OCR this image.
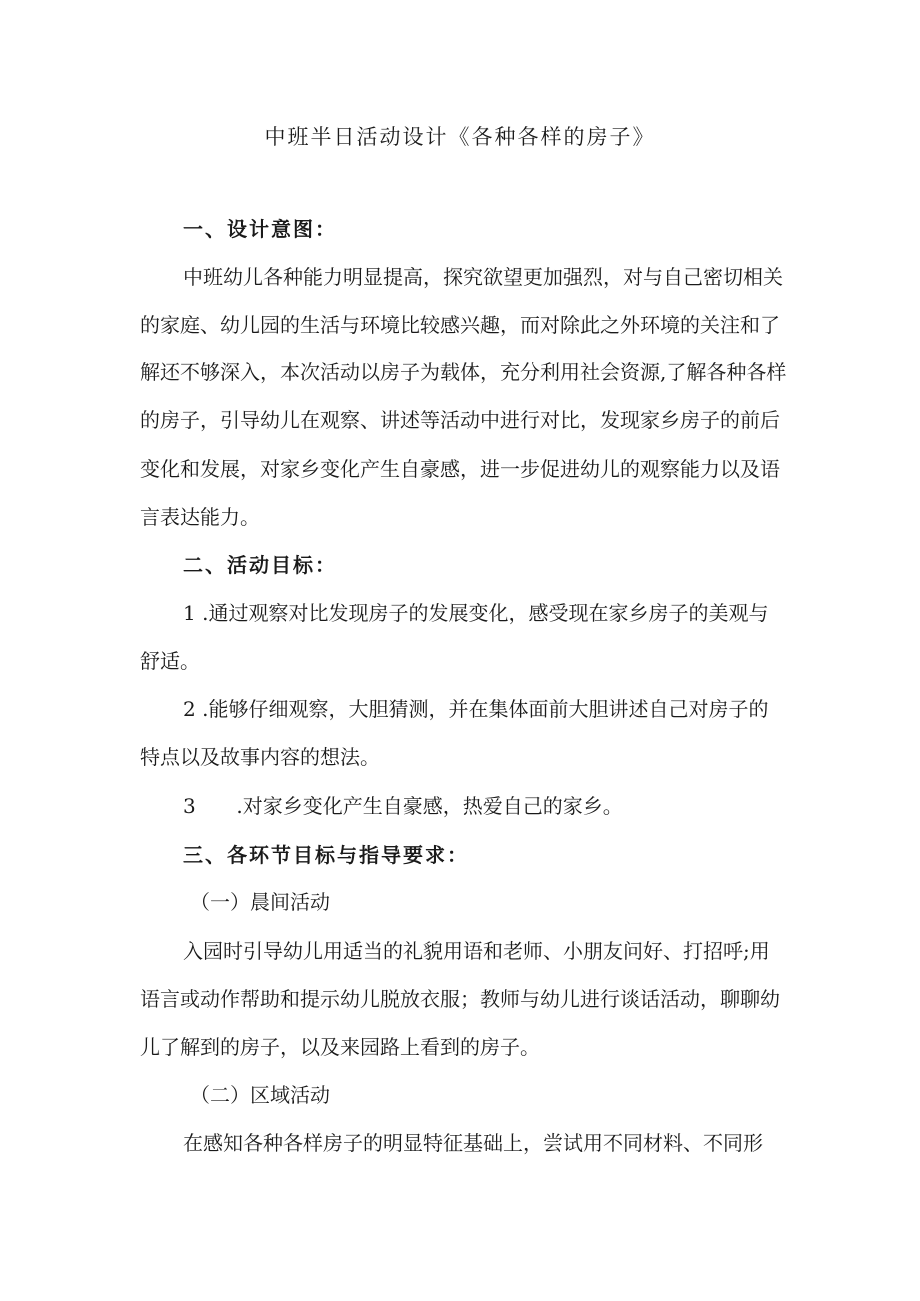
中班半日活动设计《各种各样的房子》
一、设计意图：
中班幼儿各种能力明显提高，探究欲望更加强烈，对与自己密切相关
的家庭、幼儿园的生活与环境比较感兴趣，而对除此之外环境的关注和了
解还不够深入，本次活动以房子为载体，充分利用社会资源,了解各种各样
的房子，引导幼儿在观察、讲述等活动中进行对比，发现家乡房子的前后
变化和发展，对家乡变化产生自豪感，进一步促进幼儿的观察能力以及语
言表达能力。
二、活动目标：
1 .通过观察对比发现房子的发展变化，感受现在家乡房子的美观与
舒适。
2 .能够仔细观察，大胆猜测，并在集体面前大胆讲述自己对房子的
特点以及故事内容的想法。
3 .对家乡变化产生自豪感，热爱自己的家乡。
三、各环节目标与指导要求：
（一）晨间活动
入园时引导幼儿用适当的礼貌用语和老师、小朋友问好、打招呼;用
语言或动作帮助和提示幼儿脱放衣服；教师与幼儿进行谈话活动，聊聊幼
儿了解到的房子，以及来园路上看到的房子。
（二）区域活动
在感知各种各样房子的明显特征基础上，尝试用不同材料、不同形
